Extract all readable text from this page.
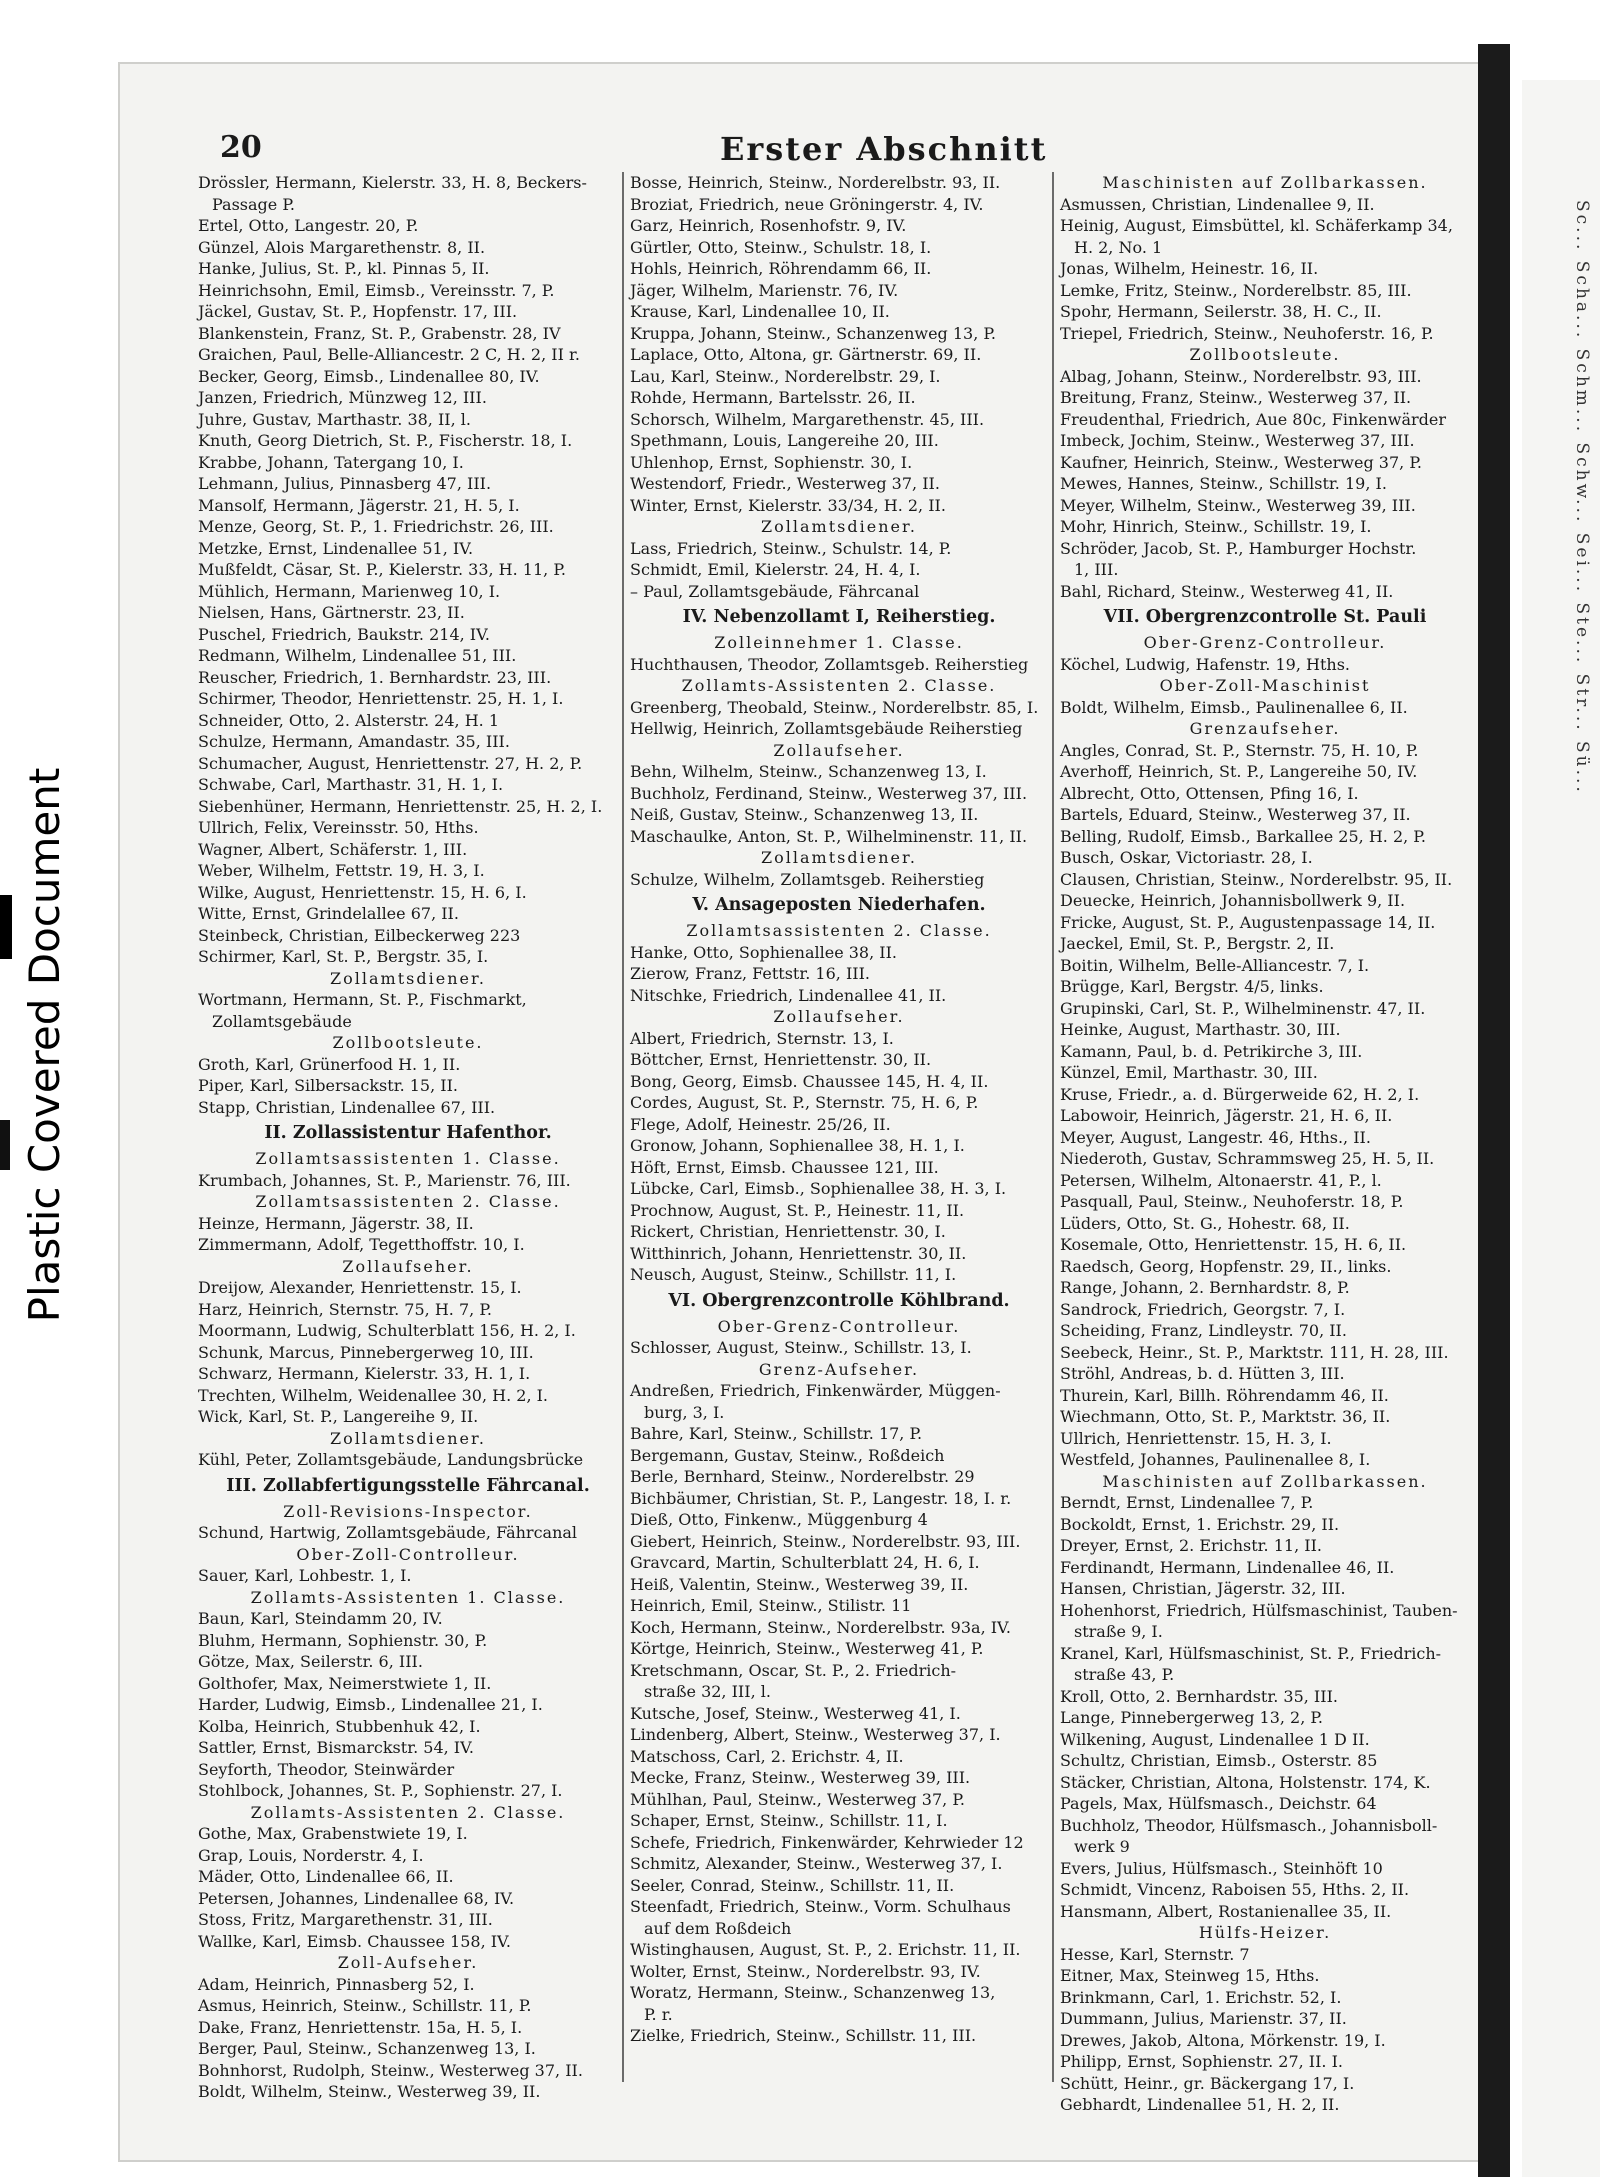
Plastic Covered Document
Sc... Scha... Schm... Schw... Sei... Ste... Str... Sü...
20	Erster Abschnitt
Drössler, Hermann, Kielerstr. 33, H. 8, Beckers-
Passage P.
Ertel, Otto, Langestr. 20, P.
Günzel, Alois Margarethenstr. 8, II.
Hanke, Julius, St. P., kl. Pinnas 5, II.
Heinrichsohn, Emil, Eimsb., Vereinsstr. 7, P.
Jäckel, Gustav, St. P., Hopfenstr. 17, III.
Blankenstein, Franz, St. P., Grabenstr. 28, IV
Graichen, Paul, Belle-Alliancestr. 2 C, H. 2, II r.
Becker, Georg, Eimsb., Lindenallee 80, IV.
Janzen, Friedrich, Münzweg 12, III.
Juhre, Gustav, Marthastr. 38, II, l.
Knuth, Georg Dietrich, St. P., Fischerstr. 18, I.
Krabbe, Johann, Tatergang 10, I.
Lehmann, Julius, Pinnasberg 47, III.
Mansolf, Hermann, Jägerstr. 21, H. 5, I.
Menze, Georg, St. P., 1. Friedrichstr. 26, III.
Metzke, Ernst, Lindenallee 51, IV.
Mußfeldt, Cäsar, St. P., Kielerstr. 33, H. 11, P.
Mühlich, Hermann, Marienweg 10, I.
Nielsen, Hans, Gärtnerstr. 23, II.
Puschel, Friedrich, Baukstr. 214, IV.
Redmann, Wilhelm, Lindenallee 51, III.
Reuscher, Friedrich, 1. Bernhardstr. 23, III.
Schirmer, Theodor, Henriettenstr. 25, H. 1, I.
Schneider, Otto, 2. Alsterstr. 24, H. 1
Schulze, Hermann, Amandastr. 35, III.
Schumacher, August, Henriettenstr. 27, H. 2, P.
Schwabe, Carl, Marthastr. 31, H. 1, I.
Siebenhüner, Hermann, Henriettenstr. 25, H. 2, I.
Ullrich, Felix, Vereinsstr. 50, Hths.
Wagner, Albert, Schäferstr. 1, III.
Weber, Wilhelm, Fettstr. 19, H. 3, I.
Wilke, August, Henriettenstr. 15, H. 6, I.
Witte, Ernst, Grindelallee 67, II.
Steinbeck, Christian, Eilbeckerweg 223
Schirmer, Karl, St. P., Bergstr. 35, I.
Zollamtsdiener.
Wortmann, Hermann, St. P., Fischmarkt,
Zollamtsgebäude
Zollbootsleute.
Groth, Karl, Grünerfood H. 1, II.
Piper, Karl, Silbersackstr. 15, II.
Stapp, Christian, Lindenallee 67, III.
II. Zollassistentur Hafenthor.
Zollamtsassistenten 1. Classe.
Krumbach, Johannes, St. P., Marienstr. 76, III.
Zollamtsassistenten 2. Classe.
Heinze, Hermann, Jägerstr. 38, II.
Zimmermann, Adolf, Tegetthoffstr. 10, I.
Zollaufseher.
Dreijow, Alexander, Henriettenstr. 15, I.
Harz, Heinrich, Sternstr. 75, H. 7, P.
Moormann, Ludwig, Schulterblatt 156, H. 2, I.
Schunk, Marcus, Pinnebergerweg 10, III.
Schwarz, Hermann, Kielerstr. 33, H. 1, I.
Trechten, Wilhelm, Weidenallee 30, H. 2, I.
Wick, Karl, St. P., Langereihe 9, II.
Zollamtsdiener.
Kühl, Peter, Zollamtsgebäude, Landungsbrücke
III. Zollabfertigungsstelle Fährcanal.
Zoll-Revisions-Inspector.
Schund, Hartwig, Zollamtsgebäude, Fährcanal
Ober-Zoll-Controlleur.
Sauer, Karl, Lohbestr. 1, I.
Zollamts-Assistenten 1. Classe.
Baun, Karl, Steindamm 20, IV.
Bluhm, Hermann, Sophienstr. 30, P.
Götze, Max, Seilerstr. 6, III.
Golthofer, Max, Neimerstwiete 1, II.
Harder, Ludwig, Eimsb., Lindenallee 21, I.
Kolba, Heinrich, Stubbenhuk 42, I.
Sattler, Ernst, Bismarckstr. 54, IV.
Seyforth, Theodor, Steinwärder
Stohlbock, Johannes, St. P., Sophienstr. 27, I.
Zollamts-Assistenten 2. Classe.
Gothe, Max, Grabenstwiete 19, I.
Grap, Louis, Norderstr. 4, I.
Mäder, Otto, Lindenallee 66, II.
Petersen, Johannes, Lindenallee 68, IV.
Stoss, Fritz, Margarethenstr. 31, III.
Wallke, Karl, Eimsb. Chaussee 158, IV.
Zoll-Aufseher.
Adam, Heinrich, Pinnasberg 52, I.
Asmus, Heinrich, Steinw., Schillstr. 11, P.
Dake, Franz, Henriettenstr. 15a, H. 5, I.
Berger, Paul, Steinw., Schanzenweg 13, I.
Bohnhorst, Rudolph, Steinw., Westerweg 37, II.
Boldt, Wilhelm, Steinw., Westerweg 39, II.
Bosse, Heinrich, Steinw., Norderelbstr. 93, II.
Broziat, Friedrich, neue Gröningerstr. 4, IV.
Garz, Heinrich, Rosenhofstr. 9, IV.
Gürtler, Otto, Steinw., Schulstr. 18, I.
Hohls, Heinrich, Röhrendamm 66, II.
Jäger, Wilhelm, Marienstr. 76, IV.
Krause, Karl, Lindenallee 10, II.
Kruppa, Johann, Steinw., Schanzenweg 13, P.
Laplace, Otto, Altona, gr. Gärtnerstr. 69, II.
Lau, Karl, Steinw., Norderelbstr. 29, I.
Rohde, Hermann, Bartelsstr. 26, II.
Schorsch, Wilhelm, Margarethenstr. 45, III.
Spethmann, Louis, Langereihe 20, III.
Uhlenhop, Ernst, Sophienstr. 30, I.
Westendorf, Friedr., Westerweg 37, II.
Winter, Ernst, Kielerstr. 33/34, H. 2, II.
Zollamtsdiener.
Lass, Friedrich, Steinw., Schulstr. 14, P.
Schmidt, Emil, Kielerstr. 24, H. 4, I.
– Paul, Zollamtsgebäude, Fährcanal
IV. Nebenzollamt I, Reiherstieg.
Zolleinnehmer 1. Classe.
Huchthausen, Theodor, Zollamtsgeb. Reiherstieg
Zollamts-Assistenten 2. Classe.
Greenberg, Theobald, Steinw., Norderelbstr. 85, I.
Hellwig, Heinrich, Zollamtsgebäude Reiherstieg
Zollaufseher.
Behn, Wilhelm, Steinw., Schanzenweg 13, I.
Buchholz, Ferdinand, Steinw., Westerweg 37, III.
Neiß, Gustav, Steinw., Schanzenweg 13, II.
Maschaulke, Anton, St. P., Wilhelminenstr. 11, II.
Zollamtsdiener.
Schulze, Wilhelm, Zollamtsgeb. Reiherstieg
V. Ansageposten Niederhafen.
Zollamtsassistenten 2. Classe.
Hanke, Otto, Sophienallee 38, II.
Zierow, Franz, Fettstr. 16, III.
Nitschke, Friedrich, Lindenallee 41, II.
Zollaufseher.
Albert, Friedrich, Sternstr. 13, I.
Böttcher, Ernst, Henriettenstr. 30, II.
Bong, Georg, Eimsb. Chaussee 145, H. 4, II.
Cordes, August, St. P., Sternstr. 75, H. 6, P.
Flege, Adolf, Heinestr. 25/26, II.
Gronow, Johann, Sophienallee 38, H. 1, I.
Höft, Ernst, Eimsb. Chaussee 121, III.
Lübcke, Carl, Eimsb., Sophienallee 38, H. 3, I.
Prochnow, August, St. P., Heinestr. 11, II.
Rickert, Christian, Henriettenstr. 30, I.
Witthinrich, Johann, Henriettenstr. 30, II.
Neusch, August, Steinw., Schillstr. 11, I.
VI. Obergrenzcontrolle Köhlbrand.
Ober-Grenz-Controlleur.
Schlosser, August, Steinw., Schillstr. 13, I.
Grenz-Aufseher.
Andreßen, Friedrich, Finkenwärder, Müggen-
burg, 3, I.
Bahre, Karl, Steinw., Schillstr. 17, P.
Bergemann, Gustav, Steinw., Roßdeich
Berle, Bernhard, Steinw., Norderelbstr. 29
Bichbäumer, Christian, St. P., Langestr. 18, I. r.
Dieß, Otto, Finkenw., Müggenburg 4
Giebert, Heinrich, Steinw., Norderelbstr. 93, III.
Gravcard, Martin, Schulterblatt 24, H. 6, I.
Heiß, Valentin, Steinw., Westerweg 39, II.
Heinrich, Emil, Steinw., Stilistr. 11
Koch, Hermann, Steinw., Norderelbstr. 93a, IV.
Körtge, Heinrich, Steinw., Westerweg 41, P.
Kretschmann, Oscar, St. P., 2. Friedrich-
straße 32, III, l.
Kutsche, Josef, Steinw., Westerweg 41, I.
Lindenberg, Albert, Steinw., Westerweg 37, I.
Matschoss, Carl, 2. Erichstr. 4, II.
Mecke, Franz, Steinw., Westerweg 39, III.
Mühlhan, Paul, Steinw., Westerweg 37, P.
Schaper, Ernst, Steinw., Schillstr. 11, I.
Schefe, Friedrich, Finkenwärder, Kehrwieder 12
Schmitz, Alexander, Steinw., Westerweg 37, I.
Seeler, Conrad, Steinw., Schillstr. 11, II.
Steenfadt, Friedrich, Steinw., Vorm. Schulhaus
auf dem Roßdeich
Wistinghausen, August, St. P., 2. Erichstr. 11, II.
Wolter, Ernst, Steinw., Norderelbstr. 93, IV.
Woratz, Hermann, Steinw., Schanzenweg 13,
P. r.
Zielke, Friedrich, Steinw., Schillstr. 11, III.
Maschinisten auf Zollbarkassen.
Asmussen, Christian, Lindenallee 9, II.
Heinig, August, Eimsbüttel, kl. Schäferkamp 34,
H. 2, No. 1
Jonas, Wilhelm, Heinestr. 16, II.
Lemke, Fritz, Steinw., Norderelbstr. 85, III.
Spohr, Hermann, Seilerstr. 38, H. C., II.
Triepel, Friedrich, Steinw., Neuhoferstr. 16, P.
Zollbootsleute.
Albag, Johann, Steinw., Norderelbstr. 93, III.
Breitung, Franz, Steinw., Westerweg 37, II.
Freudenthal, Friedrich, Aue 80c, Finkenwärder
Imbeck, Jochim, Steinw., Westerweg 37, III.
Kaufner, Heinrich, Steinw., Westerweg 37, P.
Mewes, Hannes, Steinw., Schillstr. 19, I.
Meyer, Wilhelm, Steinw., Westerweg 39, III.
Mohr, Hinrich, Steinw., Schillstr. 19, I.
Schröder, Jacob, St. P., Hamburger Hochstr.
1, III.
Bahl, Richard, Steinw., Westerweg 41, II.
VII. Obergrenzcontrolle St. Pauli
Ober-Grenz-Controlleur.
Köchel, Ludwig, Hafenstr. 19, Hths.
Ober-Zoll-Maschinist
Boldt, Wilhelm, Eimsb., Paulinenallee 6, II.
Grenzaufseher.
Angles, Conrad, St. P., Sternstr. 75, H. 10, P.
Averhoff, Heinrich, St. P., Langereihe 50, IV.
Albrecht, Otto, Ottensen, Pfing 16, I.
Bartels, Eduard, Steinw., Westerweg 37, II.
Belling, Rudolf, Eimsb., Barkallee 25, H. 2, P.
Busch, Oskar, Victoriastr. 28, I.
Clausen, Christian, Steinw., Norderelbstr. 95, II.
Deuecke, Heinrich, Johannisbollwerk 9, II.
Fricke, August, St. P., Augustenpassage 14, II.
Jaeckel, Emil, St. P., Bergstr. 2, II.
Boitin, Wilhelm, Belle-Alliancestr. 7, I.
Brügge, Karl, Bergstr. 4/5, links.
Grupinski, Carl, St. P., Wilhelminenstr. 47, II.
Heinke, August, Marthastr. 30, III.
Kamann, Paul, b. d. Petrikirche 3, III.
Künzel, Emil, Marthastr. 30, III.
Kruse, Friedr., a. d. Bürgerweide 62, H. 2, I.
Labowoir, Heinrich, Jägerstr. 21, H. 6, II.
Meyer, August, Langestr. 46, Hths., II.
Niederoth, Gustav, Schrammsweg 25, H. 5, II.
Petersen, Wilhelm, Altonaerstr. 41, P., l.
Pasquall, Paul, Steinw., Neuhoferstr. 18, P.
Lüders, Otto, St. G., Hohestr. 68, II.
Kosemale, Otto, Henriettenstr. 15, H. 6, II.
Raedsch, Georg, Hopfenstr. 29, II., links.
Range, Johann, 2. Bernhardstr. 8, P.
Sandrock, Friedrich, Georgstr. 7, I.
Scheiding, Franz, Lindleystr. 70, II.
Seebeck, Heinr., St. P., Marktstr. 111, H. 28, III.
Ströhl, Andreas, b. d. Hütten 3, III.
Thurein, Karl, Billh. Röhrendamm 46, II.
Wiechmann, Otto, St. P., Marktstr. 36, II.
Ullrich, Henriettenstr. 15, H. 3, I.
Westfeld, Johannes, Paulinenallee 8, I.
Maschinisten auf Zollbarkassen.
Berndt, Ernst, Lindenallee 7, P.
Bockoldt, Ernst, 1. Erichstr. 29, II.
Dreyer, Ernst, 2. Erichstr. 11, II.
Ferdinandt, Hermann, Lindenallee 46, II.
Hansen, Christian, Jägerstr. 32, III.
Hohenhorst, Friedrich, Hülfsmaschinist, Tauben-
straße 9, I.
Kranel, Karl, Hülfsmaschinist, St. P., Friedrich-
straße 43, P.
Kroll, Otto, 2. Bernhardstr. 35, III.
Lange, Pinnebergerweg 13, 2, P.
Wilkening, August, Lindenallee 1 D II.
Schultz, Christian, Eimsb., Osterstr. 85
Stäcker, Christian, Altona, Holstenstr. 174, K.
Pagels, Max, Hülfsmasch., Deichstr. 64
Buchholz, Theodor, Hülfsmasch., Johannisboll-
werk 9
Evers, Julius, Hülfsmasch., Steinhöft 10
Schmidt, Vincenz, Raboisen 55, Hths. 2, II.
Hansmann, Albert, Rostanienallee 35, II.
Hülfs-Heizer.
Hesse, Karl, Sternstr. 7
Eitner, Max, Steinweg 15, Hths.
Brinkmann, Carl, 1. Erichstr. 52, I.
Dummann, Julius, Marienstr. 37, II.
Drewes, Jakob, Altona, Mörkenstr. 19, I.
Philipp, Ernst, Sophienstr. 27, II. I.
Schütt, Heinr., gr. Bäckergang 17, I.
Gebhardt, Lindenallee 51, H. 2, II.
